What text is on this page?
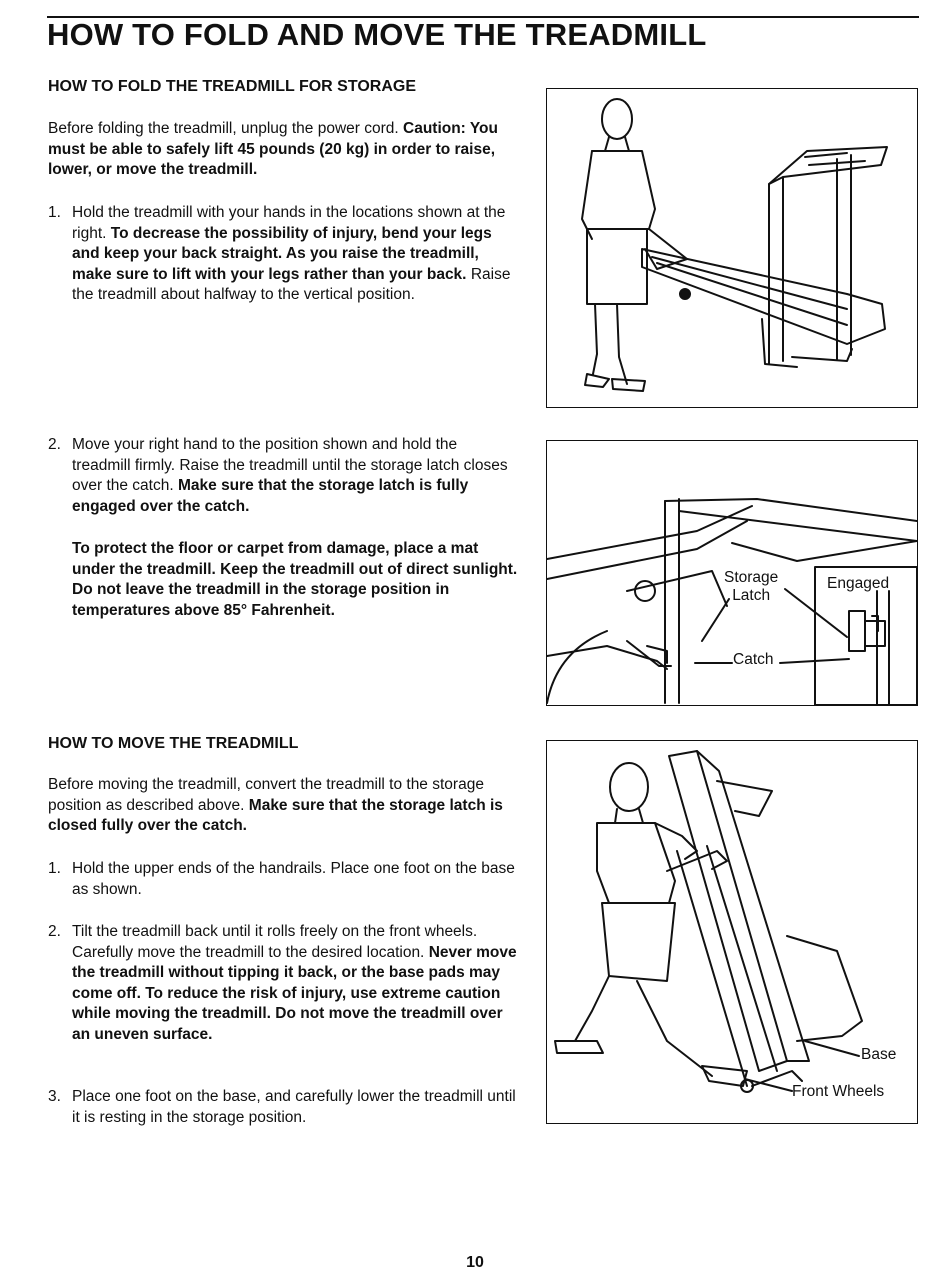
HOW TO FOLD AND MOVE THE TREADMILL
HOW TO FOLD THE TREADMILL FOR STORAGE

Before folding the treadmill, unplug the power cord. Caution: You must be able to safely lift 45 pounds (20 kg) in order to raise, lower, or move the treadmill.

1. Hold the treadmill with your hands in the locations shown at the right. To decrease the possibility of injury, bend your legs and keep your back straight. As you raise the treadmill, make sure to lift with your legs rather than your back. Raise the treadmill about halfway to the vertical position.
2. Move your right hand to the position shown and hold the treadmill firmly. Raise the treadmill until the storage latch closes over the catch. Make sure that the storage latch is fully engaged over the catch.
To protect the floor or carpet from damage, place a mat under the treadmill. Keep the treadmill out of direct sunlight. Do not leave the treadmill in the storage position in temperatures above 85° Fahrenheit.
HOW TO MOVE THE TREADMILL

Before moving the treadmill, convert the treadmill to the storage position as described above. Make sure that the storage latch is closed fully over the catch.

1. Hold the upper ends of the handrails. Place one foot on the base as shown.
2. Tilt the treadmill back until it rolls freely on the front wheels. Carefully move the treadmill to the desired location. Never move the treadmill without tipping it back, or the base pads may come off. To reduce the risk of injury, use extreme caution while moving the treadmill. Do not move the treadmill over an uneven surface.
3. Place one foot on the base, and carefully lower the treadmill until it is resting in the storage position.
Storage
Latch
Catch
Engaged
Base
Front Wheels
10
